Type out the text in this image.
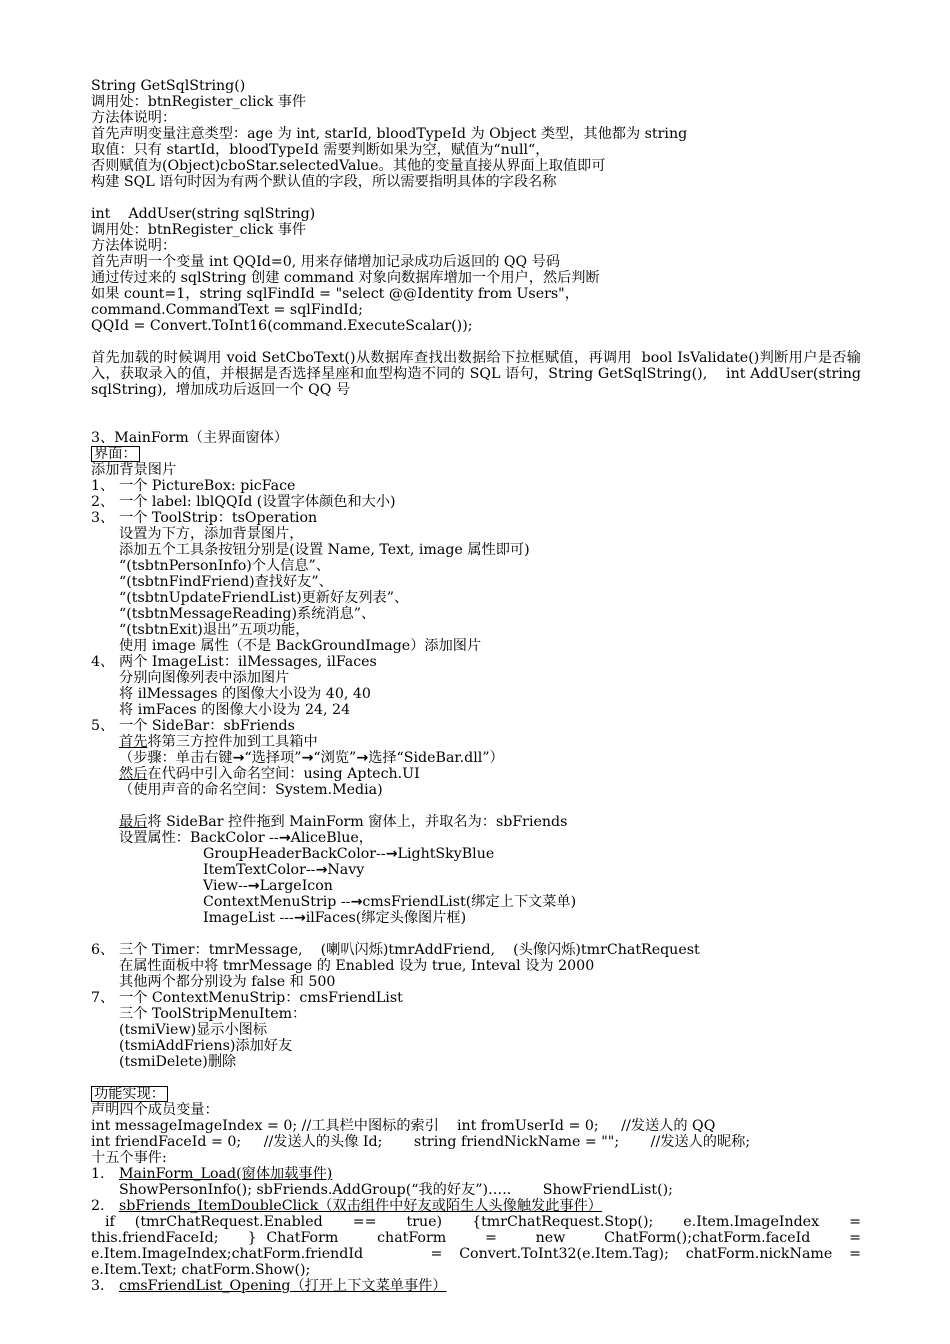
String GetSqlString()
调用处：btnRegister_click 事件
方法体说明：
首先声明变量注意类型：age 为 int, starId, bloodTypeId 为 Object 类型，其他都为 string
取值：只有 startId，bloodTypeId 需要判断如果为空，赋值为“null“，
否则赋值为(Object)cboStar.selectedValue。其他的变量直接从界面上取值即可
构建 SQL 语句时因为有两个默认值的字段，所以需要指明具体的字段名称
int    AddUser(string sqlString)
调用处：btnRegister_click 事件
方法体说明：
首先声明一个变量 int QQId=0, 用来存储增加记录成功后返回的 QQ 号码
通过传过来的 sqlString 创建 command 对象向数据库增加一个用户，然后判断
如果 count=1，string sqlFindId = "select @@Identity from Users"，
command.CommandText = sqlFindId;
QQId = Convert.ToInt16(command.ExecuteScalar());
首先加载的时候调用 void SetCboText()从数据库查找出数据给下拉框赋值，再调用  bool IsValidate()判断用户是否输入，获取录入的值，并根据是否选择星座和血型构造不同的 SQL 语句，String GetSqlString(),    int AddUser(string sqlString),  增加成功后返回一个 QQ 号
3、MainForm（主界面窗体）
界面：
添加背景图片
1、 一个 PictureBox: picFace
2、 一个 label: lblQQId (设置字体颜色和大小)
3、 一个 ToolStrip：tsOperation
设置为下方，添加背景图片，
添加五个工具条按钮分别是(设置 Name, Text, image 属性即可)
“(tsbtnPersonInfo)个人信息”、
“(tsbtnFindFriend)查找好友”、
“(tsbtnUpdateFriendList)更新好友列表”、
“(tsbtnMessageReading)系统消息”、
“(tsbtnExit)退出”五项功能，
使用 image 属性（不是 BackGroundImage）添加图片
4、 两个 ImageList：ilMessages, ilFaces
分别向图像列表中添加图片
将 ilMessages 的图像大小设为 40, 40
将 imFaces 的图像大小设为 24, 24
5、 一个 SideBar：sbFriends
首先将第三方控件加到工具箱中
（步骤：单击右键→“选择项”→“浏览”→选择“SideBar.dll”）
然后在代码中引入命名空间：using Aptech.UI
（使用声音的命名空间：System.Media)
最后将 SideBar 控件拖到 MainForm 窗体上，并取名为：sbFriends
设置属性：BackColor --→AliceBlue，
GroupHeaderBackColor--→LightSkyBlue
ItemTextColor--→Navy
View--→LargeIcon
ContextMenuStrip --→cmsFriendList(绑定上下文菜单)
ImageList ---→ilFaces(绑定头像图片框)
6、 三个 Timer：tmrMessage,    (喇叭闪烁)tmrAddFriend,    (头像闪烁)tmrChatRequest
在属性面板中将 tmrMessage 的 Enabled 设为 true, Inteval 设为 2000
其他两个都分别设为 false 和 500
7、 一个 ContextMenuStrip：cmsFriendList
三个 ToolStripMenuItem：
(tsmiView)显示小图标
(tsmiAddFriens)添加好友
(tsmiDelete)删除
功能实现：
声明四个成员变量：
int messageImageIndex = 0; //工具栏中图标的索引    int fromUserId = 0;     //发送人的 QQ
int friendFaceId = 0;     //发送人的头像 Id;       string friendNickName = "";       //发送人的昵称;
十五个事件:
1.	MainForm_Load(窗体加载事件)
ShowPersonInfo(); sbFriends.AddGroup(“我的好友”)…..       ShowFriendList();
2.	sbFriends_ItemDoubleClick（双击组件中好友或陌生人头像触发此事件）
if  (tmrChatRequest.Enabled   ==   true)   {tmrChatRequest.Stop();   e.Item.ImageIndex   =   this.friendFaceId;   } ChatForm    chatForm    =    new    ChatForm();chatForm.faceId    =    e.Item.ImageIndex;chatForm.friendId    = Convert.ToInt32(e.Item.Tag); chatForm.nickName = e.Item.Text; chatForm.Show();
3.	cmsFriendList_Opening（打开上下文菜单事件）
